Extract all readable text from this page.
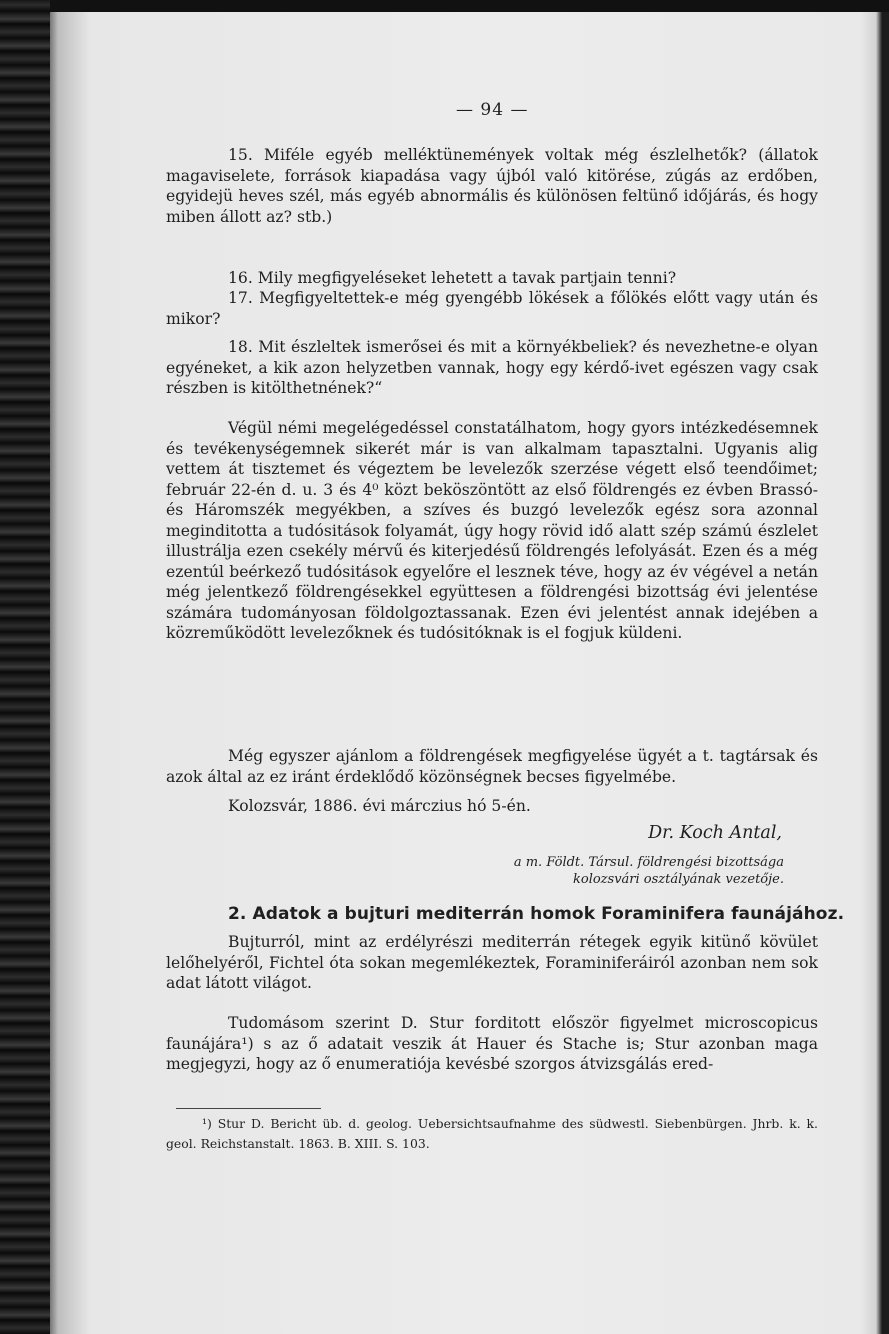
— 94 —

15. Miféle egyéb melléktünemények voltak még észlelhetők? (állatok magaviselete, források kiapadása vagy újból való kitörése, zúgás az erdőben, egyidejü heves szél, más egyéb abnormális és különösen feltünő időjárás, és hogy miben állott az? stb.)

16. Mily megfigyeléseket lehetett a tavak partjain tenni?

17. Megfigyeltettek-e még gyengébb lökések a főlökés előtt vagy után és mikor?

18. Mit észleltek ismerősei és mit a környékbeliek? és nevezhetne-e olyan egyéneket, a kik azon helyzetben vannak, hogy egy kérdő-ivet egészen vagy csak részben is kitölthetnének?“

Végül némi megelégedéssel constatálhatom, hogy gyors intézkedésemnek és tevékenységemnek sikerét már is van alkalmam tapasztalni. Ugyanis alig vettem át tisztemet és végeztem be levelezők szerzése végett első teendőimet; február 22-én d. u. 3 és 4⁰ közt beköszöntött az első földrengés ez évben Brassó- és Háromszék megyékben, a szíves és buzgó levelezők egész sora azonnal meginditotta a tudósitások folyamát, úgy hogy rövid idő alatt szép számú észlelet illustrálja ezen csekély mérvű és kiterjedésű földrengés lefolyását. Ezen és a még ezentúl beérkező tudósitások egyelőre el lesznek téve, hogy az év végével a netán még jelentkező földrengésekkel együttesen a földrengési bizottság évi jelentése számára tudományosan földolgoztassanak. Ezen évi jelentést annak idejében a közreműködött levelezőknek és tudósitóknak is el fogjuk küldeni.

Még egyszer ajánlom a földrengések megfigyelése ügyét a t. tagtársak és azok által az ez iránt érdeklődő közönségnek becses figyelmébe.

Kolozsvár, 1886. évi márczius hó 5-én.

Dr. Koch Antal,
a m. Földt. Társul. földrengési bizottsága
kolozsvári osztályának vezetője.
2. Adatok a bujturi mediterrán homok Foraminifera faunájához.

Bujturról, mint az erdélyrészi mediterrán rétegek egyik kitünő kövület lelőhelyéről, Fichtel óta sokan megemlékeztek, Foraminiferáiról azonban nem sok adat látott világot.

Tudomásom szerint D. Stur forditott először figyelmet microscopicus faunájára¹) s az ő adatait veszik át Hauer és Stache is; Stur azonban maga megjegyzi, hogy az ő enumeratiója kevésbé szorgos átvizsgálás ered-

¹) Stur D. Bericht üb. d. geolog. Uebersichtsaufnahme des südwestl. Siebenbürgen. Jhrb. k. k. geol. Reichstanstalt. 1863. B. XIII. S. 103.
